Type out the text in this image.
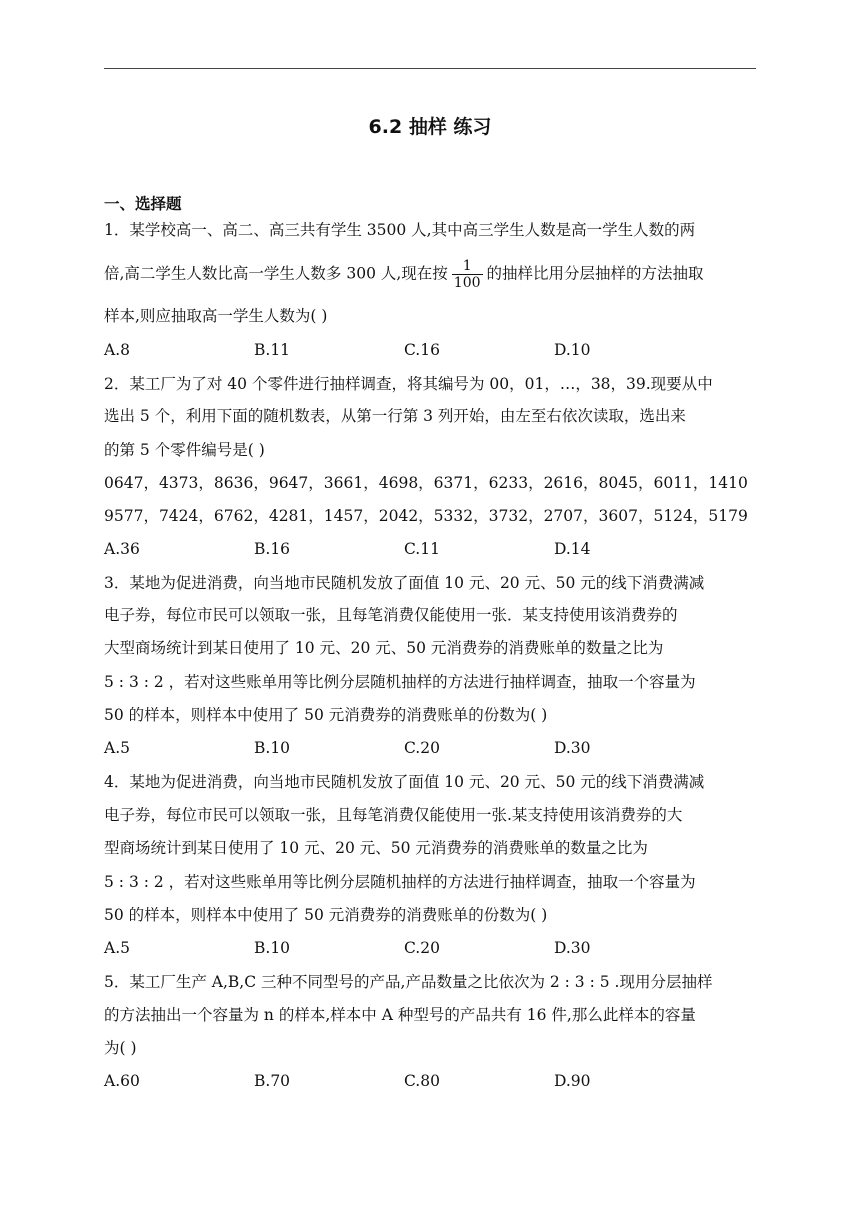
6.2 抽样 练习
一、选择题
1．某学校高一、高二、高三共有学生 3500 人,其中高三学生人数是高一学生人数的两
倍,高二学生人数比高一学生人数多 300 人,现在按 $\frac{1}{100}$ 的抽样比用分层抽样的方法抽取
样本,则应抽取高一学生人数为( )
A.8	B.11	C.16	D.10
2．某工厂为了对 40 个零件进行抽样调查，将其编号为 00，01，…，38，39.现要从中
选出 5 个，利用下面的随机数表，从第一行第 3 列开始，由左至右依次读取，选出来
的第 5 个零件编号是( )
0647，4373，8636，9647，3661，4698，6371，6233，2616，8045，6011，1410
9577，7424，6762，4281，1457，2042，5332，3732，2707，3607，5124，5179
A.36	B.16	C.11	D.14
3．某地为促进消费，向当地市民随机发放了面值 10 元、20 元、50 元的线下消费满减
电子券，每位市民可以领取一张，且每笔消费仅能使用一张．某支持使用该消费券的
大型商场统计到某日使用了 10 元、20 元、50 元消费券的消费账单的数量之比为
5 : 3 : 2 ，若对这些账单用等比例分层随机抽样的方法进行抽样调查，抽取一个容量为
50 的样本，则样本中使用了 50 元消费券的消费账单的份数为( )
A.5	B.10	C.20	D.30
4．某地为促进消费，向当地市民随机发放了面值 10 元、20 元、50 元的线下消费满减
电子券，每位市民可以领取一张，且每笔消费仅能使用一张.某支持使用该消费券的大
型商场统计到某日使用了 10 元、20 元、50 元消费券的消费账单的数量之比为
5 : 3 : 2 ，若对这些账单用等比例分层随机抽样的方法进行抽样调查，抽取一个容量为
50 的样本，则样本中使用了 50 元消费券的消费账单的份数为( )
A.5	B.10	C.20	D.30
5．某工厂生产 A,B,C 三种不同型号的产品,产品数量之比依次为 2 : 3 : 5 .现用分层抽样
的方法抽出一个容量为 n 的样本,样本中 A 种型号的产品共有 16 件,那么此样本的容量
为( )
A.60	B.70	C.80	D.90
